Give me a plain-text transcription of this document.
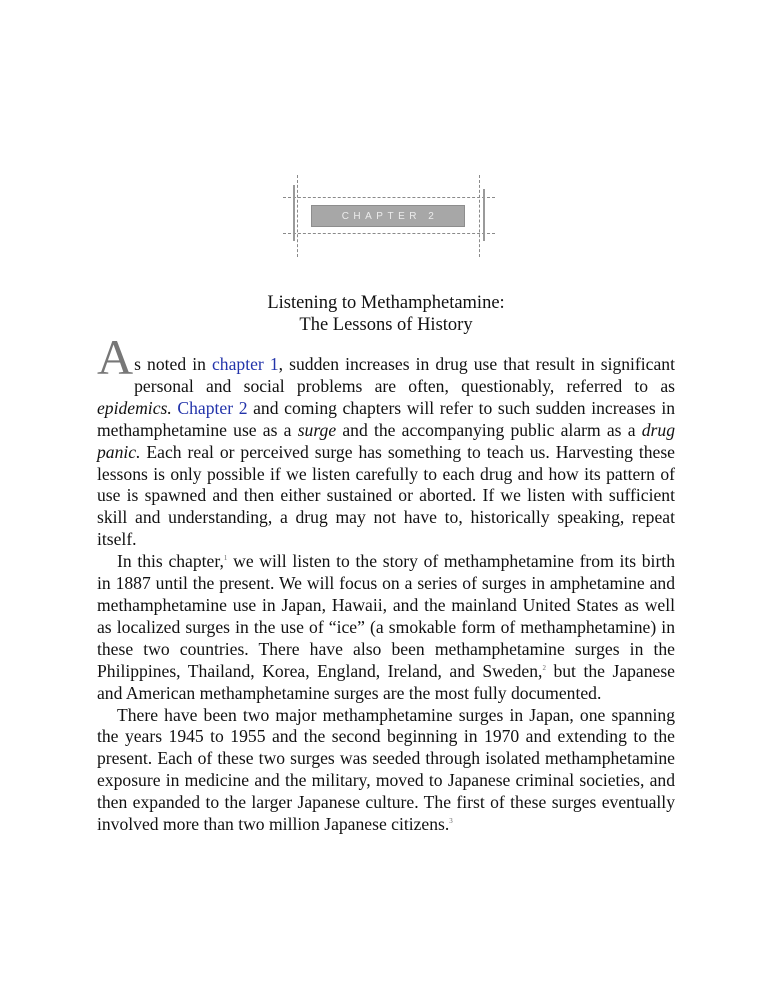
CHAPTER 2
Listening to Methamphetamine:
The Lessons of History

As noted in chapter 1, sudden increases in drug use that result in significant personal and social problems are often, questionably, referred to as epidemics. Chapter 2 and coming chapters will refer to such sudden increases in methamphetamine use as a surge and the accompanying public alarm as a drug panic. Each real or perceived surge has something to teach us. Harvesting these lessons is only possible if we listen carefully to each drug and how its pattern of use is spawned and then either sustained or aborted. If we listen with sufficient skill and understanding, a drug may not have to, historically speaking, repeat itself.

In this chapter,$^1$ we will listen to the story of methamphetamine from its birth in 1887 until the present. We will focus on a series of surges in amphetamine and methamphetamine use in Japan, Hawaii, and the mainland United States as well as localized surges in the use of “ice” (a smokable form of methamphetamine) in these two countries. There have also been methamphetamine surges in the Philippines, Thailand, Korea, England, Ireland, and Sweden,$^2$ but the Japanese and American methamphetamine surges are the most fully documented.

There have been two major methamphetamine surges in Japan, one spanning the years 1945 to 1955 and the second beginning in 1970 and extending to the present. Each of these two surges was seeded through isolated methamphetamine exposure in medicine and the military, moved to Japanese criminal societies, and then expanded to the larger Japanese culture. The first of these surges eventually involved more than two million Japanese citizens.$^3$
